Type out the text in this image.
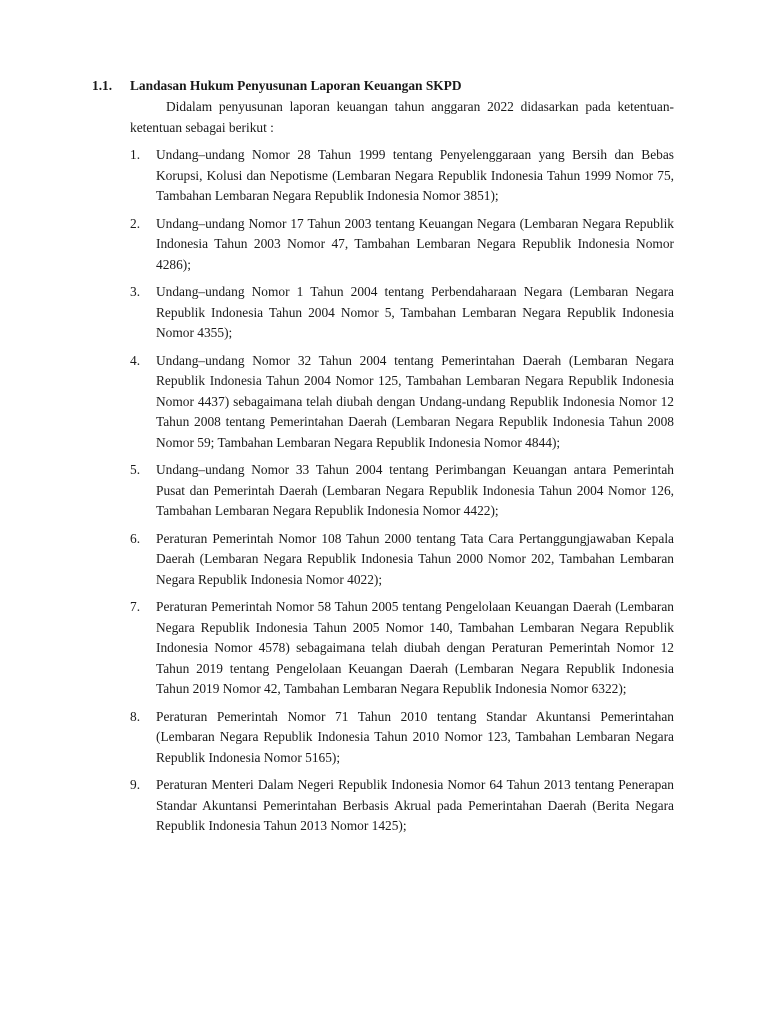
1.1. Landasan Hukum Penyusunan Laporan Keuangan SKPD

Didalam penyusunan laporan keuangan tahun anggaran 2022 didasarkan pada ketentuan-ketentuan sebagai berikut :

1.	Undang–undang Nomor 28 Tahun 1999 tentang Penyelenggaraan yang Bersih dan Bebas Korupsi, Kolusi dan Nepotisme (Lembaran Negara Republik Indonesia Tahun 1999 Nomor 75, Tambahan Lembaran Negara Republik Indonesia Nomor 3851);
2.	Undang–undang Nomor 17 Tahun 2003 tentang Keuangan Negara (Lembaran Negara Republik Indonesia Tahun 2003 Nomor 47, Tambahan Lembaran Negara Republik Indonesia Nomor 4286);
3.	Undang–undang Nomor 1 Tahun 2004 tentang Perbendaharaan Negara (Lembaran Negara Republik Indonesia Tahun 2004 Nomor 5, Tambahan Lembaran Negara Republik Indonesia Nomor 4355);
4.	Undang–undang Nomor 32 Tahun 2004 tentang Pemerintahan Daerah (Lembaran Negara Republik Indonesia Tahun 2004 Nomor 125, Tambahan Lembaran Negara Republik Indonesia Nomor 4437) sebagaimana telah diubah dengan Undang-undang Republik Indonesia Nomor 12 Tahun 2008 tentang Pemerintahan Daerah (Lembaran Negara Republik Indonesia Tahun 2008 Nomor 59; Tambahan Lembaran Negara Republik Indonesia Nomor 4844);
5.	Undang–undang Nomor 33 Tahun 2004 tentang Perimbangan Keuangan antara Pemerintah Pusat dan Pemerintah Daerah (Lembaran Negara Republik Indonesia Tahun 2004 Nomor 126, Tambahan Lembaran Negara Republik Indonesia Nomor 4422);
6.	Peraturan Pemerintah Nomor 108 Tahun 2000 tentang Tata Cara Pertanggungjawaban Kepala Daerah (Lembaran Negara Republik Indonesia Tahun 2000 Nomor 202, Tambahan Lembaran Negara Republik Indonesia Nomor 4022);
7.	Peraturan Pemerintah Nomor 58 Tahun 2005 tentang Pengelolaan Keuangan Daerah (Lembaran Negara Republik Indonesia Tahun 2005 Nomor 140, Tambahan Lembaran Negara Republik Indonesia Nomor 4578) sebagaimana telah diubah dengan Peraturan Pemerintah Nomor 12 Tahun 2019 tentang Pengelolaan Keuangan Daerah (Lembaran Negara Republik Indonesia Tahun 2019 Nomor 42, Tambahan Lembaran Negara Republik Indonesia Nomor 6322);
8.	Peraturan Pemerintah Nomor 71 Tahun 2010 tentang Standar Akuntansi Pemerintahan (Lembaran Negara Republik Indonesia Tahun 2010 Nomor 123, Tambahan Lembaran Negara Republik Indonesia Nomor 5165);
9.	Peraturan Menteri Dalam Negeri Republik Indonesia Nomor 64 Tahun 2013 tentang Penerapan Standar Akuntansi Pemerintahan Berbasis Akrual pada Pemerintahan Daerah (Berita Negara Republik Indonesia Tahun 2013 Nomor 1425);
